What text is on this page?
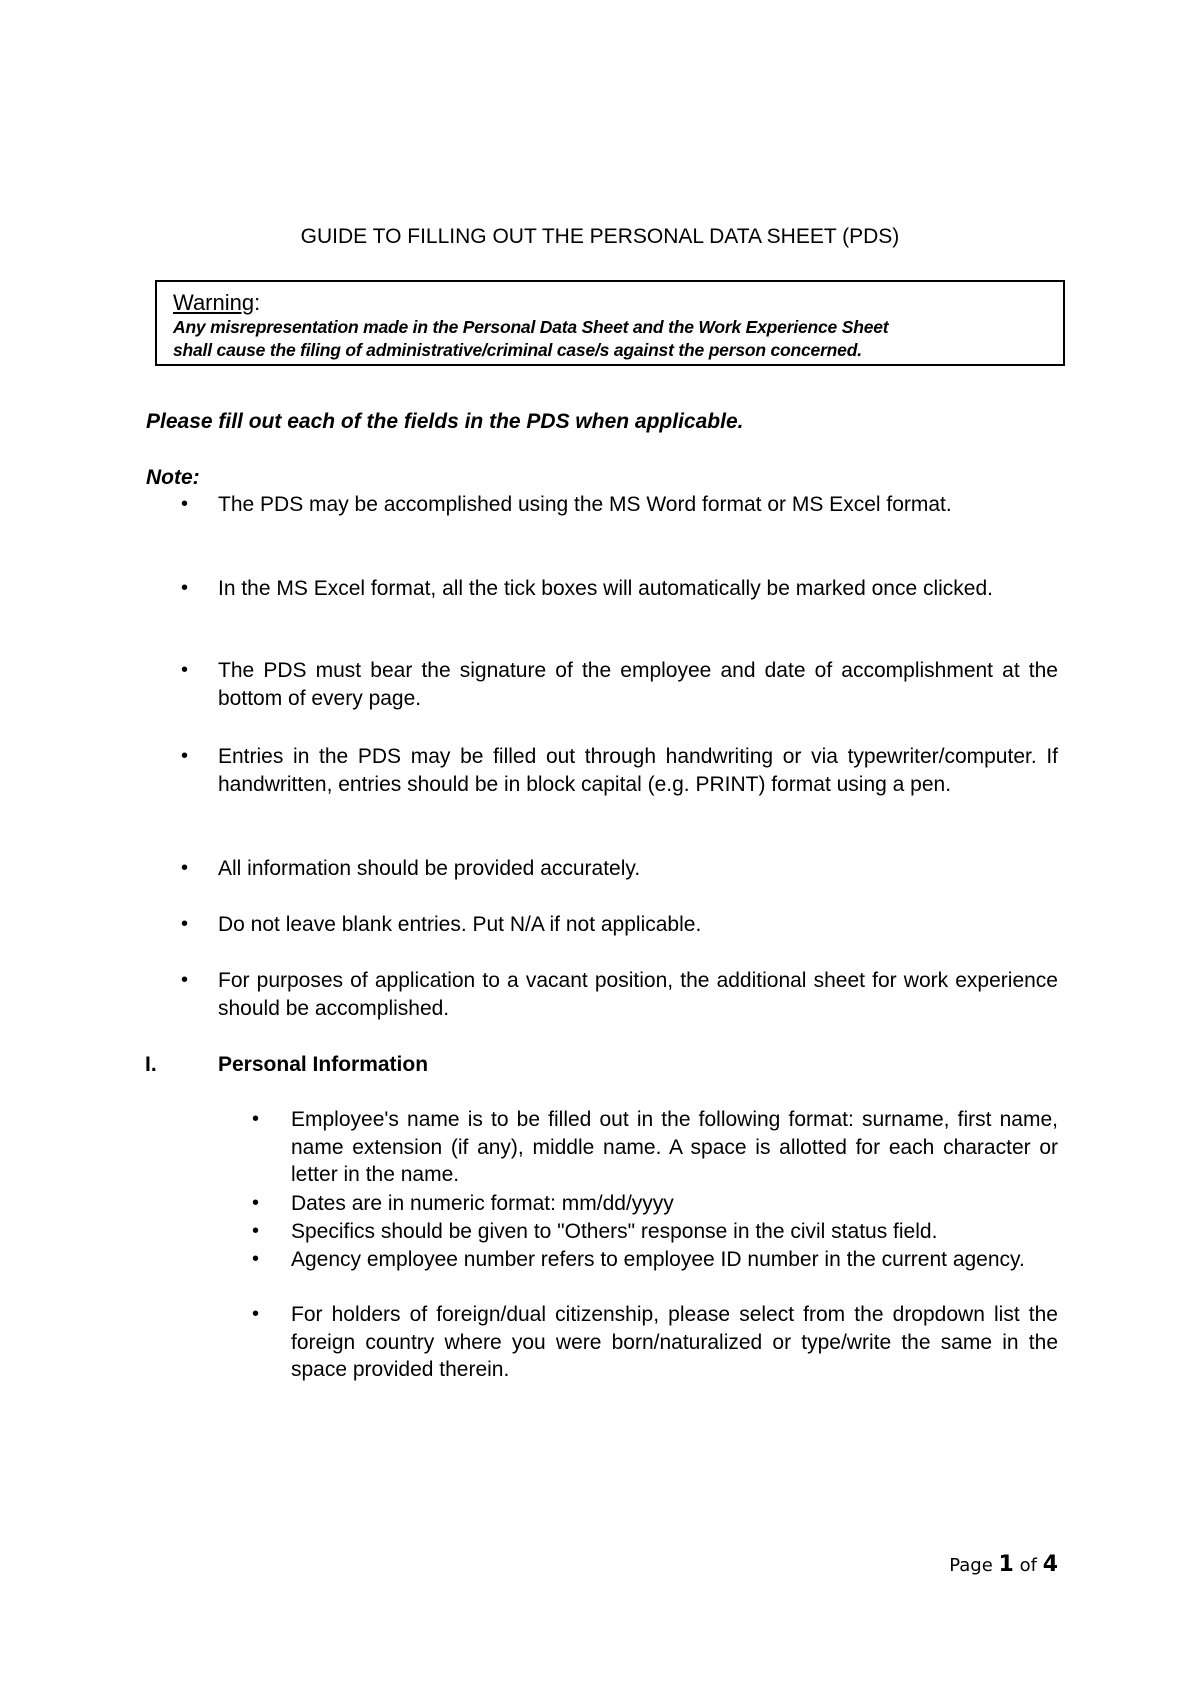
GUIDE TO FILLING OUT THE PERSONAL DATA SHEET (PDS)
Warning:
Any misrepresentation made in the Personal Data Sheet and the Work Experience Sheet
shall cause the filing of administrative/criminal case/s against the person concerned.
Please fill out each of the fields in the PDS when applicable.
Note:
• The PDS may be accomplished using the MS Word format or MS Excel format.
• In the MS Excel format, all the tick boxes will automatically be marked once clicked.
• The PDS must bear the signature of the employee and date of accomplishment at the bottom of every page.
• Entries in the PDS may be filled out through handwriting or via typewriter/computer. If handwritten, entries should be in block capital (e.g. PRINT) format using a pen.
• All information should be provided accurately.
• Do not leave blank entries. Put N/A if not applicable.
• For purposes of application to a vacant position, the additional sheet for work experience should be accomplished.
I.	Personal Information
• Employee's name is to be filled out in the following format: surname, first name, name extension (if any), middle name. A space is allotted for each character or letter in the name.
• Dates are in numeric format: mm/dd/yyyy
• Specifics should be given to "Others" response in the civil status field.
• Agency employee number refers to employee ID number in the current agency.
• For holders of foreign/dual citizenship, please select from the dropdown list the foreign country where you were born/naturalized or type/write the same in the space provided therein.
Page 1 of 4
